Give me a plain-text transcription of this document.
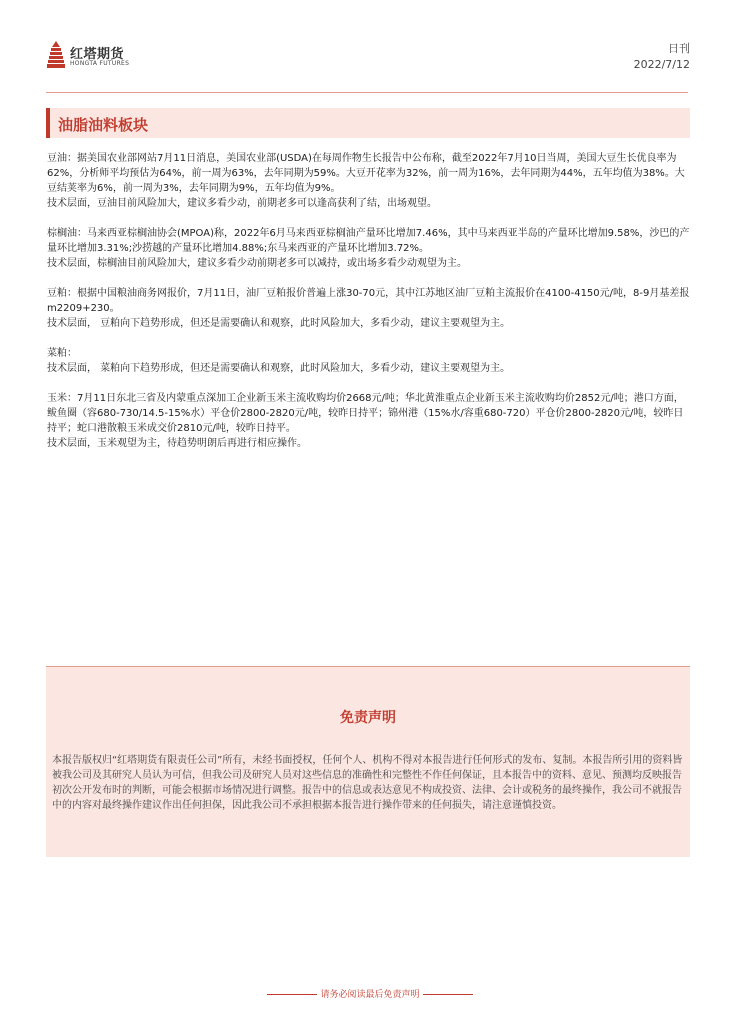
红塔期货
HONGTA FUTURES
日刊
2022/7/12
油脂油料板块

豆油：据美国农业部网站7月11日消息，美国农业部(USDA)在每周作物生长报告中公布称，截至2022年7月10日当周，美国大豆生长优良率为62%，分析师平均预估为64%，前一周为63%，去年同期为59%。大豆开花率为32%，前一周为16%，去年同期为44%，五年均值为38%。大豆结荚率为6%，前一周为3%，去年同期为9%，五年均值为9%。

技术层面，豆油目前风险加大，建议多看少动，前期老多可以逢高获利了结，出场观望。

棕榈油：马来西亚棕榈油协会(MPOA)称，2022年6月马来西亚棕榈油产量环比增加7.46%，其中马来西亚半岛的产量环比增加9.58%，沙巴的产量环比增加3.31%;沙捞越的产量环比增加4.88%;东马来西亚的产量环比增加3.72%。

技术层面，棕榈油目前风险加大，建议多看少动前期老多可以减持，或出场多看少动观望为主。

豆粕：根据中国粮油商务网报价，7月11日，油厂豆粕报价普遍上涨30-70元，其中江苏地区油厂豆粕主流报价在4100-4150元/吨，8-9月基差报m2209+230。

技术层面， 豆粕向下趋势形成，但还是需要确认和观察，此时风险加大，多看少动，建议主要观望为主。

菜粕：

技术层面， 菜粕向下趋势形成，但还是需要确认和观察，此时风险加大，多看少动，建议主要观望为主。

玉米：7月11日东北三省及内蒙重点深加工企业新玉米主流收购均价2668元/吨；华北黄淮重点企业新玉米主流收购均价2852元/吨；港口方面，鲅鱼圈（容680-730/14.5-15%水）平仓价2800-2820元/吨，较昨日持平；锦州港（15%水/容重680-720）平仓价2800-2820元/吨，较昨日持平；蛇口港散粮玉米成交价2810元/吨，较昨日持平。

技术层面，玉米观望为主，待趋势明朗后再进行相应操作。

免责声明
本报告版权归“红塔期货有限责任公司”所有，未经书面授权，任何个人、机构不得对本报告进行任何形式的发布、复制。本报告所引用的资料皆被我公司及其研究人员认为可信，但我公司及研究人员对这些信息的准确性和完整性不作任何保证，且本报告中的资料、意见、预测均反映报告初次公开发布时的判断，可能会根据市场情况进行调整。报告中的信息或表达意见不构成投资、法律、会计或税务的最终操作，我公司不就报告中的内容对最终操作建议作出任何担保，因此我公司不承担根据本报告进行操作带来的任何损失，请注意谨慎投资。
请务必阅读最后免责声明
